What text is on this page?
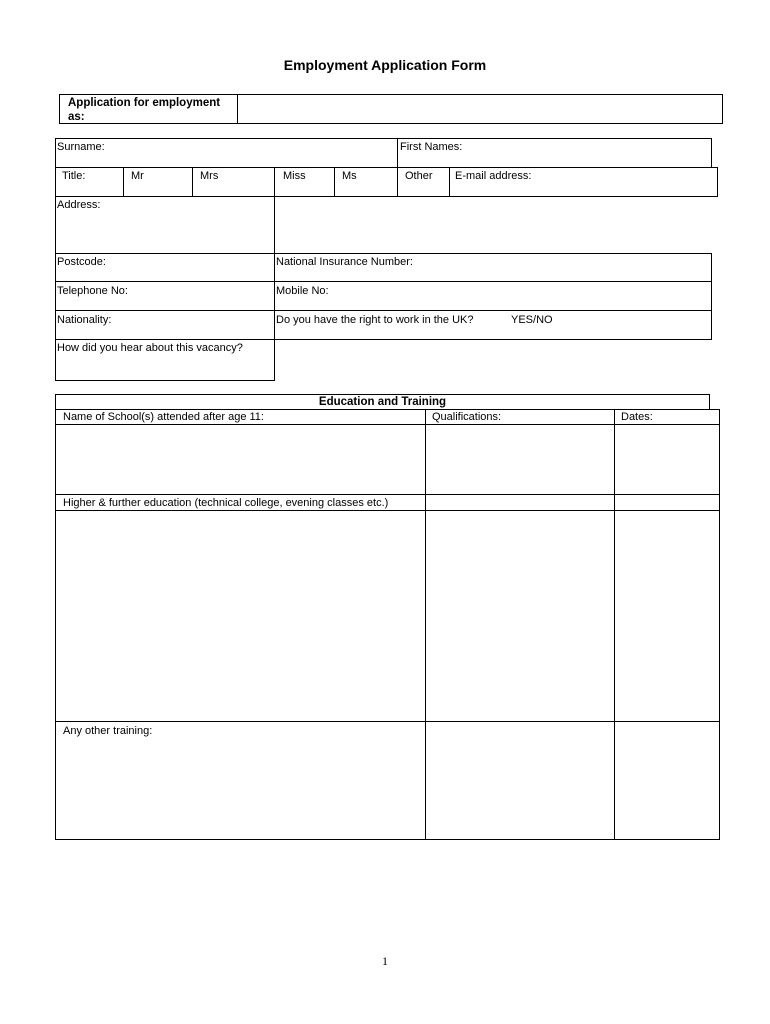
Employment Application Form
Application for employment as:
Surname:	First Names:
Title:	Mr	Mrs	Miss	Ms	Other E-mail address:
Address:
Postcode:	National Insurance Number:
Telephone No:	Mobile No:
Nationality:	Do you have the right to work in the UK?	YES/NO
How did you hear about this vacancy?
Education and Training
Name of School(s) attended after age 11:	Qualifications:	Dates:
Higher & further education (technical college, evening classes etc.)
Any other training:
1
